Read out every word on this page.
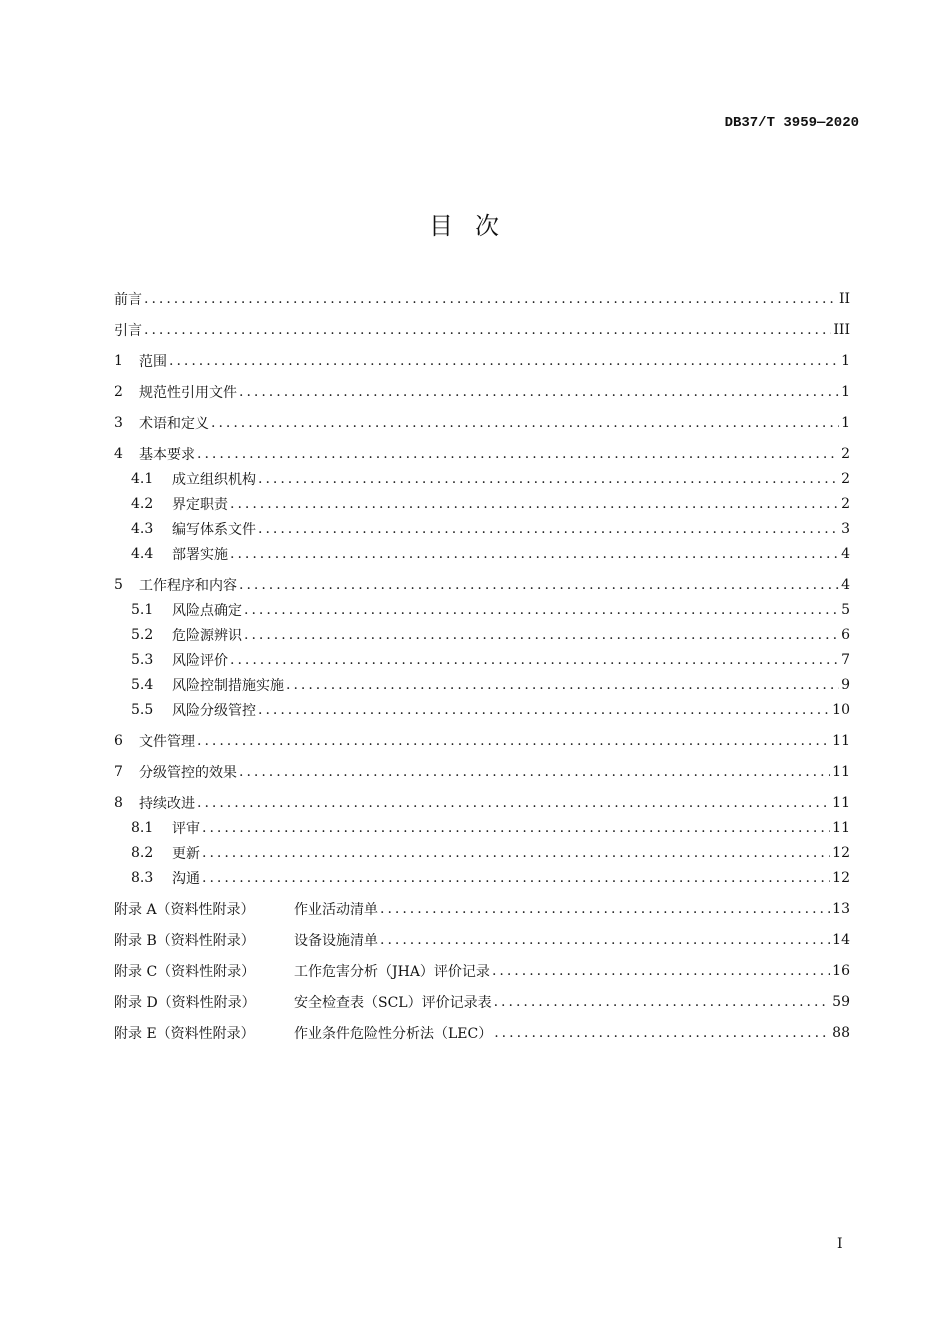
DB37/T 3959—2020
目次
前言 .....	II
引言 .....	III
1	范围 .....	1
2	规范性引用文件 .....	1
3	术语和定义 .....	1
4	基本要求 .....	2
4.1	成立组织机构 .....	2
4.2	界定职责 .....	2
4.3	编写体系文件 .....	3
4.4	部署实施 .....	4
5	工作程序和内容 .....	4
5.1	风险点确定 .....	5
5.2	危险源辨识 .....	6
5.3	风险评价 .....	7
5.4	风险控制措施实施 .....	9
5.5	风险分级管控 .....	10
6	文件管理 .....	11
7	分级管控的效果 .....	11
8	持续改进 .....	11
8.1	评审 .....	11
8.2	更新 .....	12
8.3	沟通 .....	12
附录 A（资料性附录）	作业活动清单 .....	13
附录 B（资料性附录）	设备设施清单 .....	14
附录 C（资料性附录）	工作危害分析（JHA）评价记录 .....	16
附录 D（资料性附录）	安全检查表（SCL）评价记录表 .....	59
附录 E（资料性附录）	作业条件危险性分析法（LEC） .....	88
I
